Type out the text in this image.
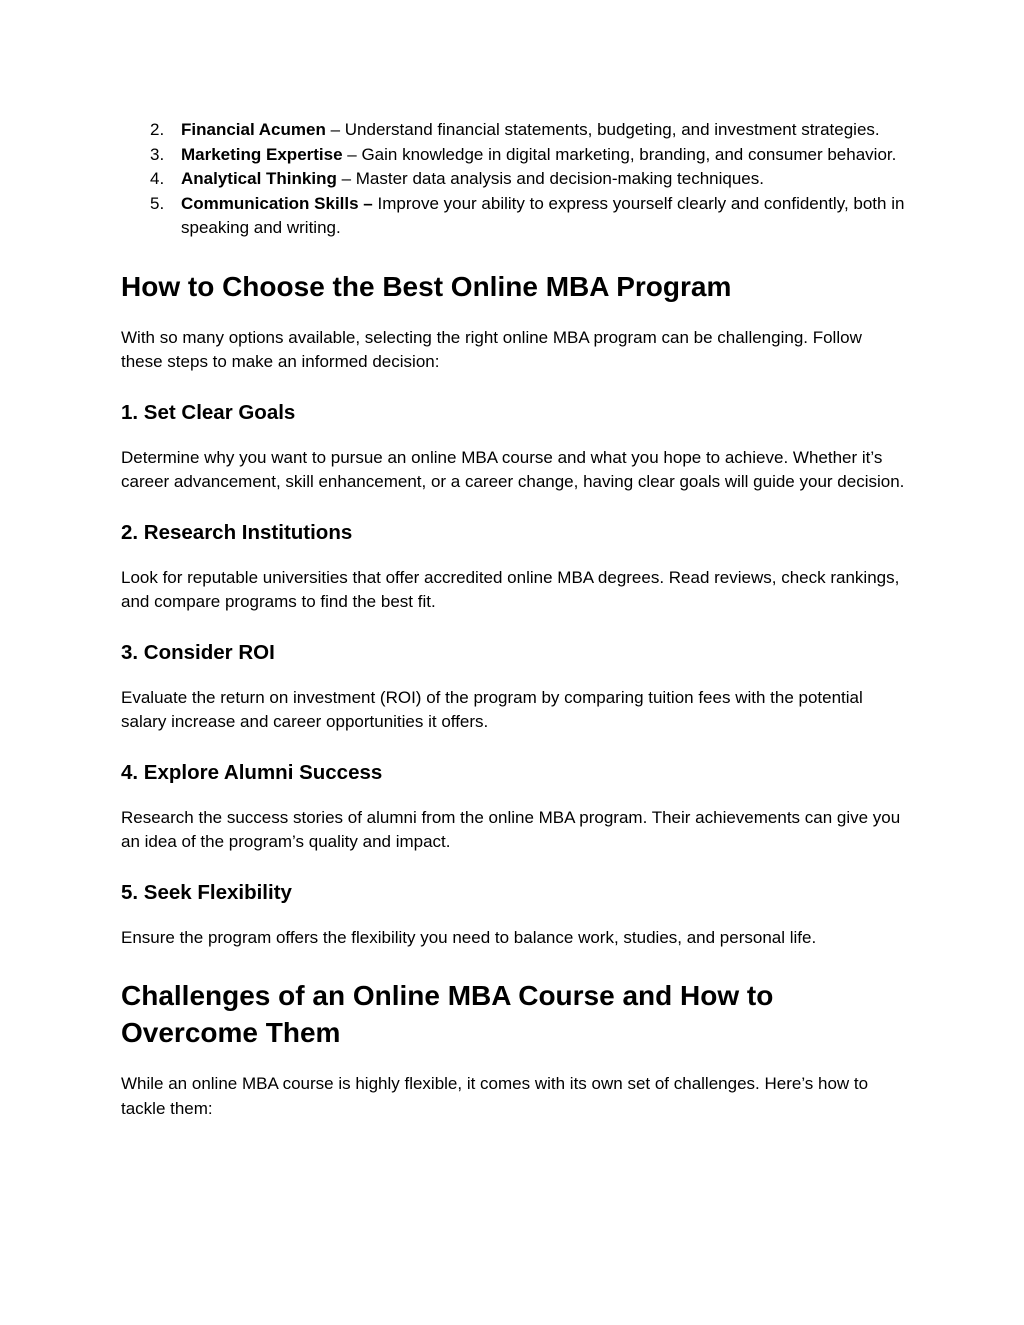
2. Financial Acumen – Understand financial statements, budgeting, and investment strategies.
3. Marketing Expertise – Gain knowledge in digital marketing, branding, and consumer behavior.
4. Analytical Thinking – Master data analysis and decision-making techniques.
5. Communication Skills – Improve your ability to express yourself clearly and confidently, both in speaking and writing.
How to Choose the Best Online MBA Program

With so many options available, selecting the right online MBA program can be challenging. Follow these steps to make an informed decision:

1. Set Clear Goals

Determine why you want to pursue an online MBA course and what you hope to achieve. Whether it’s career advancement, skill enhancement, or a career change, having clear goals will guide your decision.

2. Research Institutions

Look for reputable universities that offer accredited online MBA degrees. Read reviews, check rankings, and compare programs to find the best fit.

3. Consider ROI

Evaluate the return on investment (ROI) of the program by comparing tuition fees with the potential salary increase and career opportunities it offers.

4. Explore Alumni Success

Research the success stories of alumni from the online MBA program. Their achievements can give you an idea of the program’s quality and impact.

5. Seek Flexibility

Ensure the program offers the flexibility you need to balance work, studies, and personal life.

Challenges of an Online MBA Course and How to Overcome Them

While an online MBA course is highly flexible, it comes with its own set of challenges. Here’s how to tackle them:
